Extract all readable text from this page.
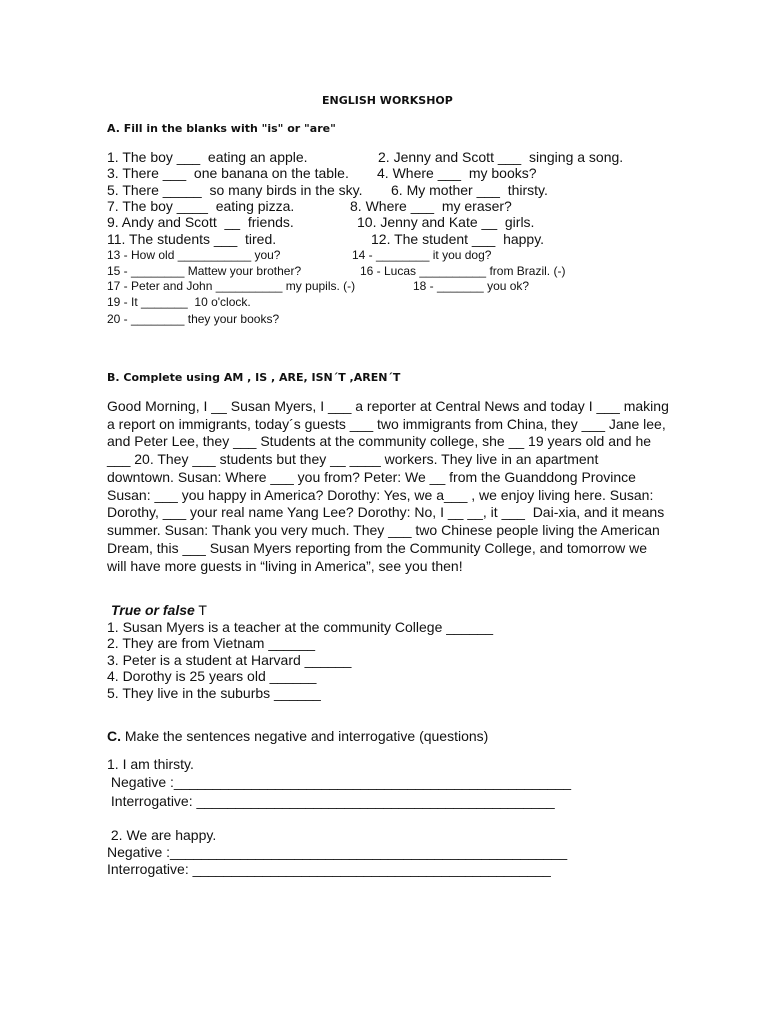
ENGLISH WORKSHOP
A. Fill in the blanks with "is" or "are"
1. The boy ___  eating an apple.	2. Jenny and Scott ___  singing a song.
3. There ___  one banana on the table. 4. Where ___  my books?
5. There _____  so many birds in the sky. 6. My mother ___  thirsty.
7. The boy ____  eating pizza.	8. Where ___  my eraser?
9. Andy and Scott  __  friends.	10. Jenny and Kate __  girls.
11. The students ___  tired.	12. The student ___  happy.
13 - How old ___________ you?	14 - ________ it you dog?
15 - ________ Mattew your brother?	16 - Lucas __________ from Brazil. (-)
17 - Peter and John __________ my pupils. (-)	18 - _______ you ok?
19 - It _______  10 o'clock.
20 - ________ they your books?
B. Complete using AM , IS , ARE, ISN´T ,AREN´T
Good Morning, I __ Susan Myers, I ___ a reporter at Central News and today I ___ making
a report on immigrants, today´s guests ___ two immigrants from China, they ___ Jane lee,
and Peter Lee, they ___ Students at the community college, she __ 19 years old and he
___ 20. They ___ students but they __ ____ workers. They live in an apartment
downtown. Susan: Where ___ you from? Peter: We __ from the Guanddong Province
Susan: ___ you happy in America? Dorothy: Yes, we a___ , we enjoy living here. Susan:
Dorothy, ___ your real name Yang Lee? Dorothy: No, I __ __, it ___  Dai-xia, and it means
summer. Susan: Thank you very much. They ___ two Chinese people living the American
Dream, this ___ Susan Myers reporting from the Community College, and tomorrow we
will have more guests in “living in America”, see you then!
True or false T
1. Susan Myers is a teacher at the community College ______
2. They are from Vietnam ______
3. Peter is a student at Harvard ______
4. Dorothy is 25 years old ______
5. They live in the suburbs ______
C. Make the sentences negative and interrogative (questions)
1. I am thirsty.
Negative :___________________________________________________
Interrogative: ______________________________________________
2. We are happy.
Negative :___________________________________________________
Interrogative: ______________________________________________
